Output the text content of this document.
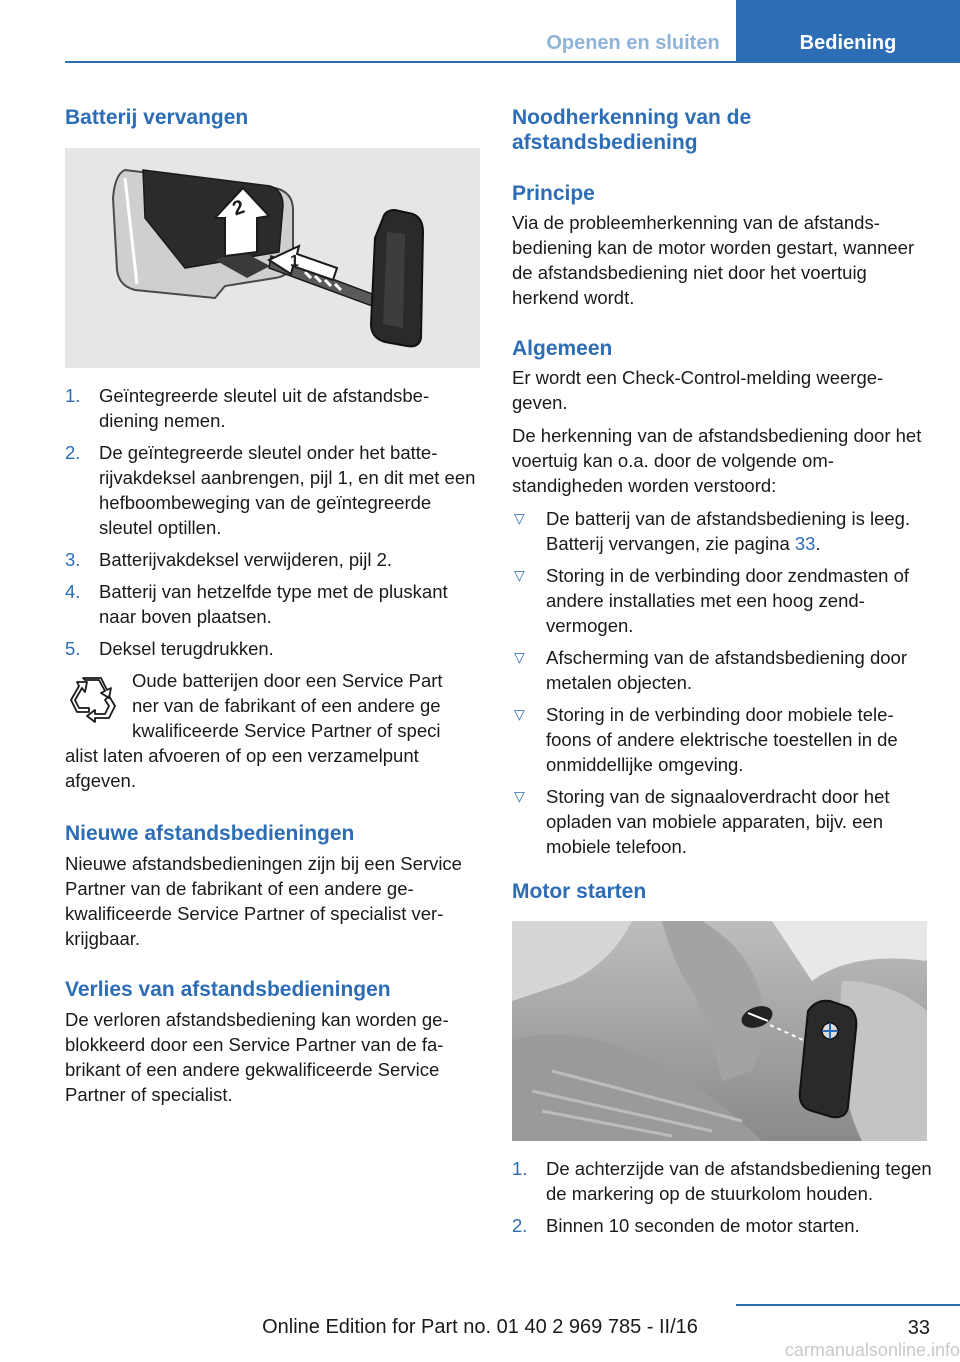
Openen en sluiten	Bediening
Batterij vervangen
2
1
1. Geïntegreerde sleutel uit de afstandsbediening nemen.
2. De geïntegreerde sleutel onder het batterijvakdeksel aanbrengen, pijl 1, en dit met een hefboombeweging van de geïntegreerde sleutel optillen.
3. Batterijvakdeksel verwijderen, pijl 2.
4. Batterij van hetzelfde type met de pluskant naar boven plaatsen.
5. Deksel terugdrukken.
Oude batterijen door een Service Part
ner van de fabrikant of een andere ge
kwalificeerde Service Partner of speci
alist laten afvoeren of op een verzamelpunt
afgeven.
Nieuwe afstandsbedieningen

Nieuwe afstandsbedieningen zijn bij een Service Partner van de fabrikant of een andere gekwalificeerde Service Partner of specialist verkrijgbaar.

Verlies van afstandsbedieningen

De verloren afstandsbediening kan worden geblokkeerd door een Service Partner van de fabrikant of een andere gekwalificeerde Service Partner of specialist.

Noodherkenning van de afstandsbediening
Principe

Via de probleemherkenning van de afstandsbediening kan de motor worden gestart, wanneer de afstandsbediening niet door het voertuig herkend wordt.

Algemeen

Er wordt een Check-Control-melding weergegeven.

De herkenning van de afstandsbediening door het voertuig kan o.a. door de volgende omstandigheden worden verstoord:

▽ De batterij van de afstandsbediening is leeg. Batterij vervangen, zie pagina 33.
▽ Storing in de verbinding door zendmasten of andere installaties met een hoog zendvermogen.
▽ Afscherming van de afstandsbediening door metalen objecten.
▽ Storing in de verbinding door mobiele telefoons of andere elektrische toestellen in de onmiddellijke omgeving.
▽ Storing van de signaaloverdracht door het opladen van mobiele apparaten, bijv. een mobiele telefoon.
Motor starten
1. De achterzijde van de afstandsbediening tegen de markering op de stuurkolom houden.
2. Binnen 10 seconden de motor starten.
33
Online Edition for Part no. 01 40 2 969 785 - II/16
carmanualsonline.info
